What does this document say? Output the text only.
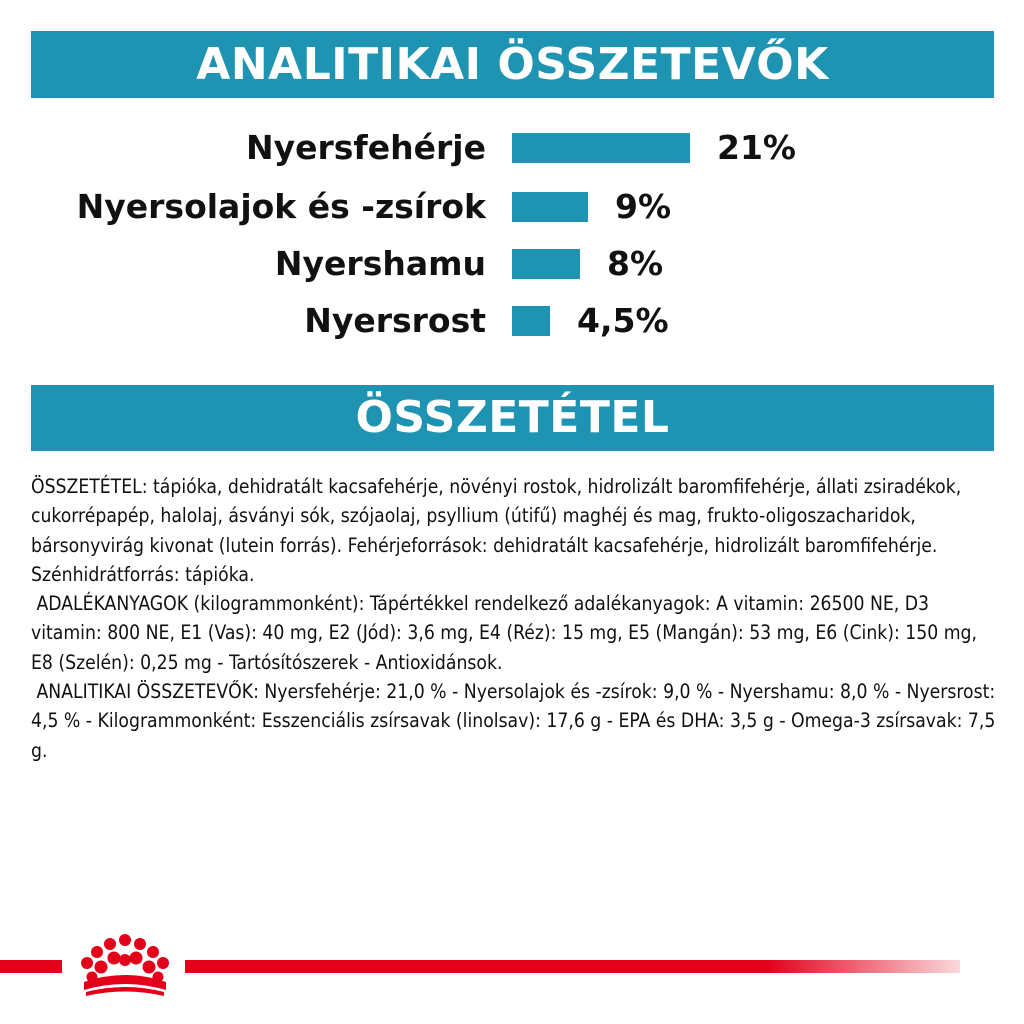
ANALITIKAI ÖSSZETEVŐK
Nyersfehérje	21%
Nyersolajok és -zsírok	9%
Nyershamu	8%
Nyersrost	4,5%
ÖSSZETÉTEL

ÖSSZETÉTEL: tápióka, dehidratált kacsafehérje, növényi rostok, hidrolizált baromfifehérje, állati zsiradékok, cukorrépapép, halolaj, ásványi sók, szójaolaj, psyllium (útifű) maghéj és mag, frukto-oligoszacharidok, bársonyvirág kivonat (lutein forrás). Fehérjeforrások: dehidratált kacsafehérje, hidrolizált baromfifehérje. Szénhidrátforrás: tápióka.

ADALÉKANYAGOK (kilogrammonként): Tápértékkel rendelkező adalékanyagok: A vitamin: 26500 NE, D3 vitamin: 800 NE, E1 (Vas): 40 mg, E2 (Jód): 3,6 mg, E4 (Réz): 15 mg, E5 (Mangán): 53 mg, E6 (Cink): 150 mg, E8 (Szelén): 0,25 mg - Tartósítószerek - Antioxidánsok.

ANALITIKAI ÖSSZETEVŐK: Nyersfehérje: 21,0 % - Nyersolajok és -zsírok: 9,0 % - Nyershamu: 8,0 % - Nyersrost: 4,5 % - Kilogrammonként: Esszenciális zsírsavak (linolsav): 17,6 g - EPA és DHA: 3,5 g - Omega-3 zsírsavak: 7,5 g.
